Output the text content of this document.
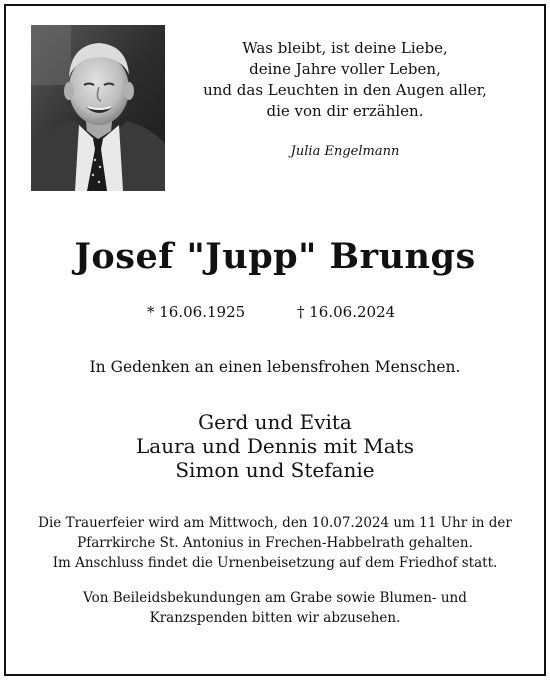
Was bleibt, ist deine Liebe,
deine Jahre voller Leben,
und das Leuchten in den Augen aller,
die von dir erzählen.
Julia Engelmann
Josef "Jupp" Brungs
* 16.06.1925	† 16.06.2024
In Gedenken an einen lebensfrohen Menschen.
Gerd und Evita
Laura und Dennis mit Mats
Simon und Stefanie
Die Trauerfeier wird am Mittwoch, den 10.07.2024 um 11 Uhr in der
Pfarrkirche St. Antonius in Frechen-Habbelrath gehalten.
Im Anschluss findet die Urnenbeisetzung auf dem Friedhof statt.
Von Beileidsbekundungen am Grabe sowie Blumen- und
Kranzspenden bitten wir abzusehen.
